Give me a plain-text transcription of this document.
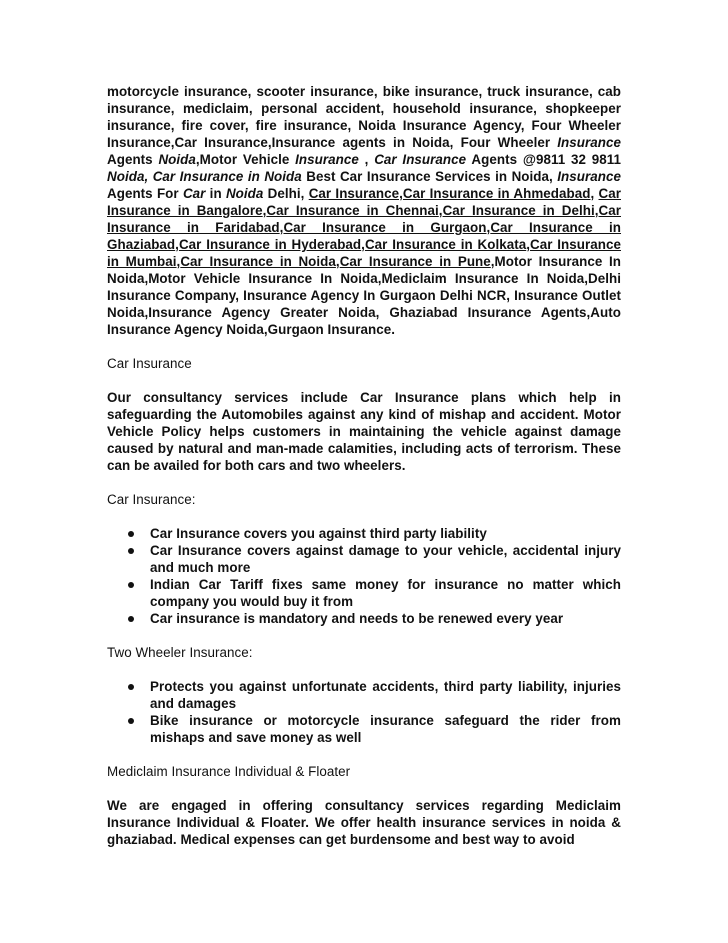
motorcycle insurance, scooter insurance, bike insurance, truck insurance, cab insurance, mediclaim, personal accident, household insurance, shopkeeper insurance, fire cover, fire insurance, Noida Insurance Agency, Four Wheeler Insurance,Car Insurance,Insurance agents in Noida, Four Wheeler Insurance Agents Noida,Motor Vehicle Insurance , Car Insurance Agents @9811 32 9811 Noida, Car Insurance in Noida Best Car Insurance Services in Noida, Insurance Agents For Car in Noida Delhi, Car Insurance,Car Insurance in Ahmedabad, Car Insurance in Bangalore,Car Insurance in Chennai,Car Insurance in Delhi,Car Insurance in Faridabad,Car Insurance in Gurgaon,Car Insurance in Ghaziabad,Car Insurance in Hyderabad,Car Insurance in Kolkata,Car Insurance in Mumbai,Car Insurance in Noida,Car Insurance in Pune,Motor Insurance In Noida,Motor Vehicle Insurance In Noida,Mediclaim Insurance In Noida,Delhi Insurance Company, Insurance Agency In Gurgaon Delhi NCR, Insurance Outlet Noida,Insurance Agency Greater Noida, Ghaziabad Insurance Agents,Auto Insurance Agency Noida,Gurgaon Insurance.

Car Insurance

Our consultancy services include Car Insurance plans which help in safeguarding the Automobiles against any kind of mishap and accident. Motor Vehicle Policy helps customers in maintaining the vehicle against damage caused by natural and man-made calamities, including acts of terrorism. These can be availed for both cars and two wheelers.

Car Insurance:

Car Insurance covers you against third party liability
Car Insurance covers against damage to your vehicle, accidental injury and much more
Indian Car Tariff fixes same money for insurance no matter which company you would buy it from
Car insurance is mandatory and needs to be renewed every year

Two Wheeler Insurance:

Protects you against unfortunate accidents, third party liability, injuries and damages
Bike insurance or motorcycle insurance safeguard the rider from mishaps and save money as well

Mediclaim Insurance Individual & Floater

We are engaged in offering consultancy services regarding Mediclaim Insurance Individual & Floater. We offer health insurance services in noida & ghaziabad. Medical expenses can get burdensome and best way to avoid
